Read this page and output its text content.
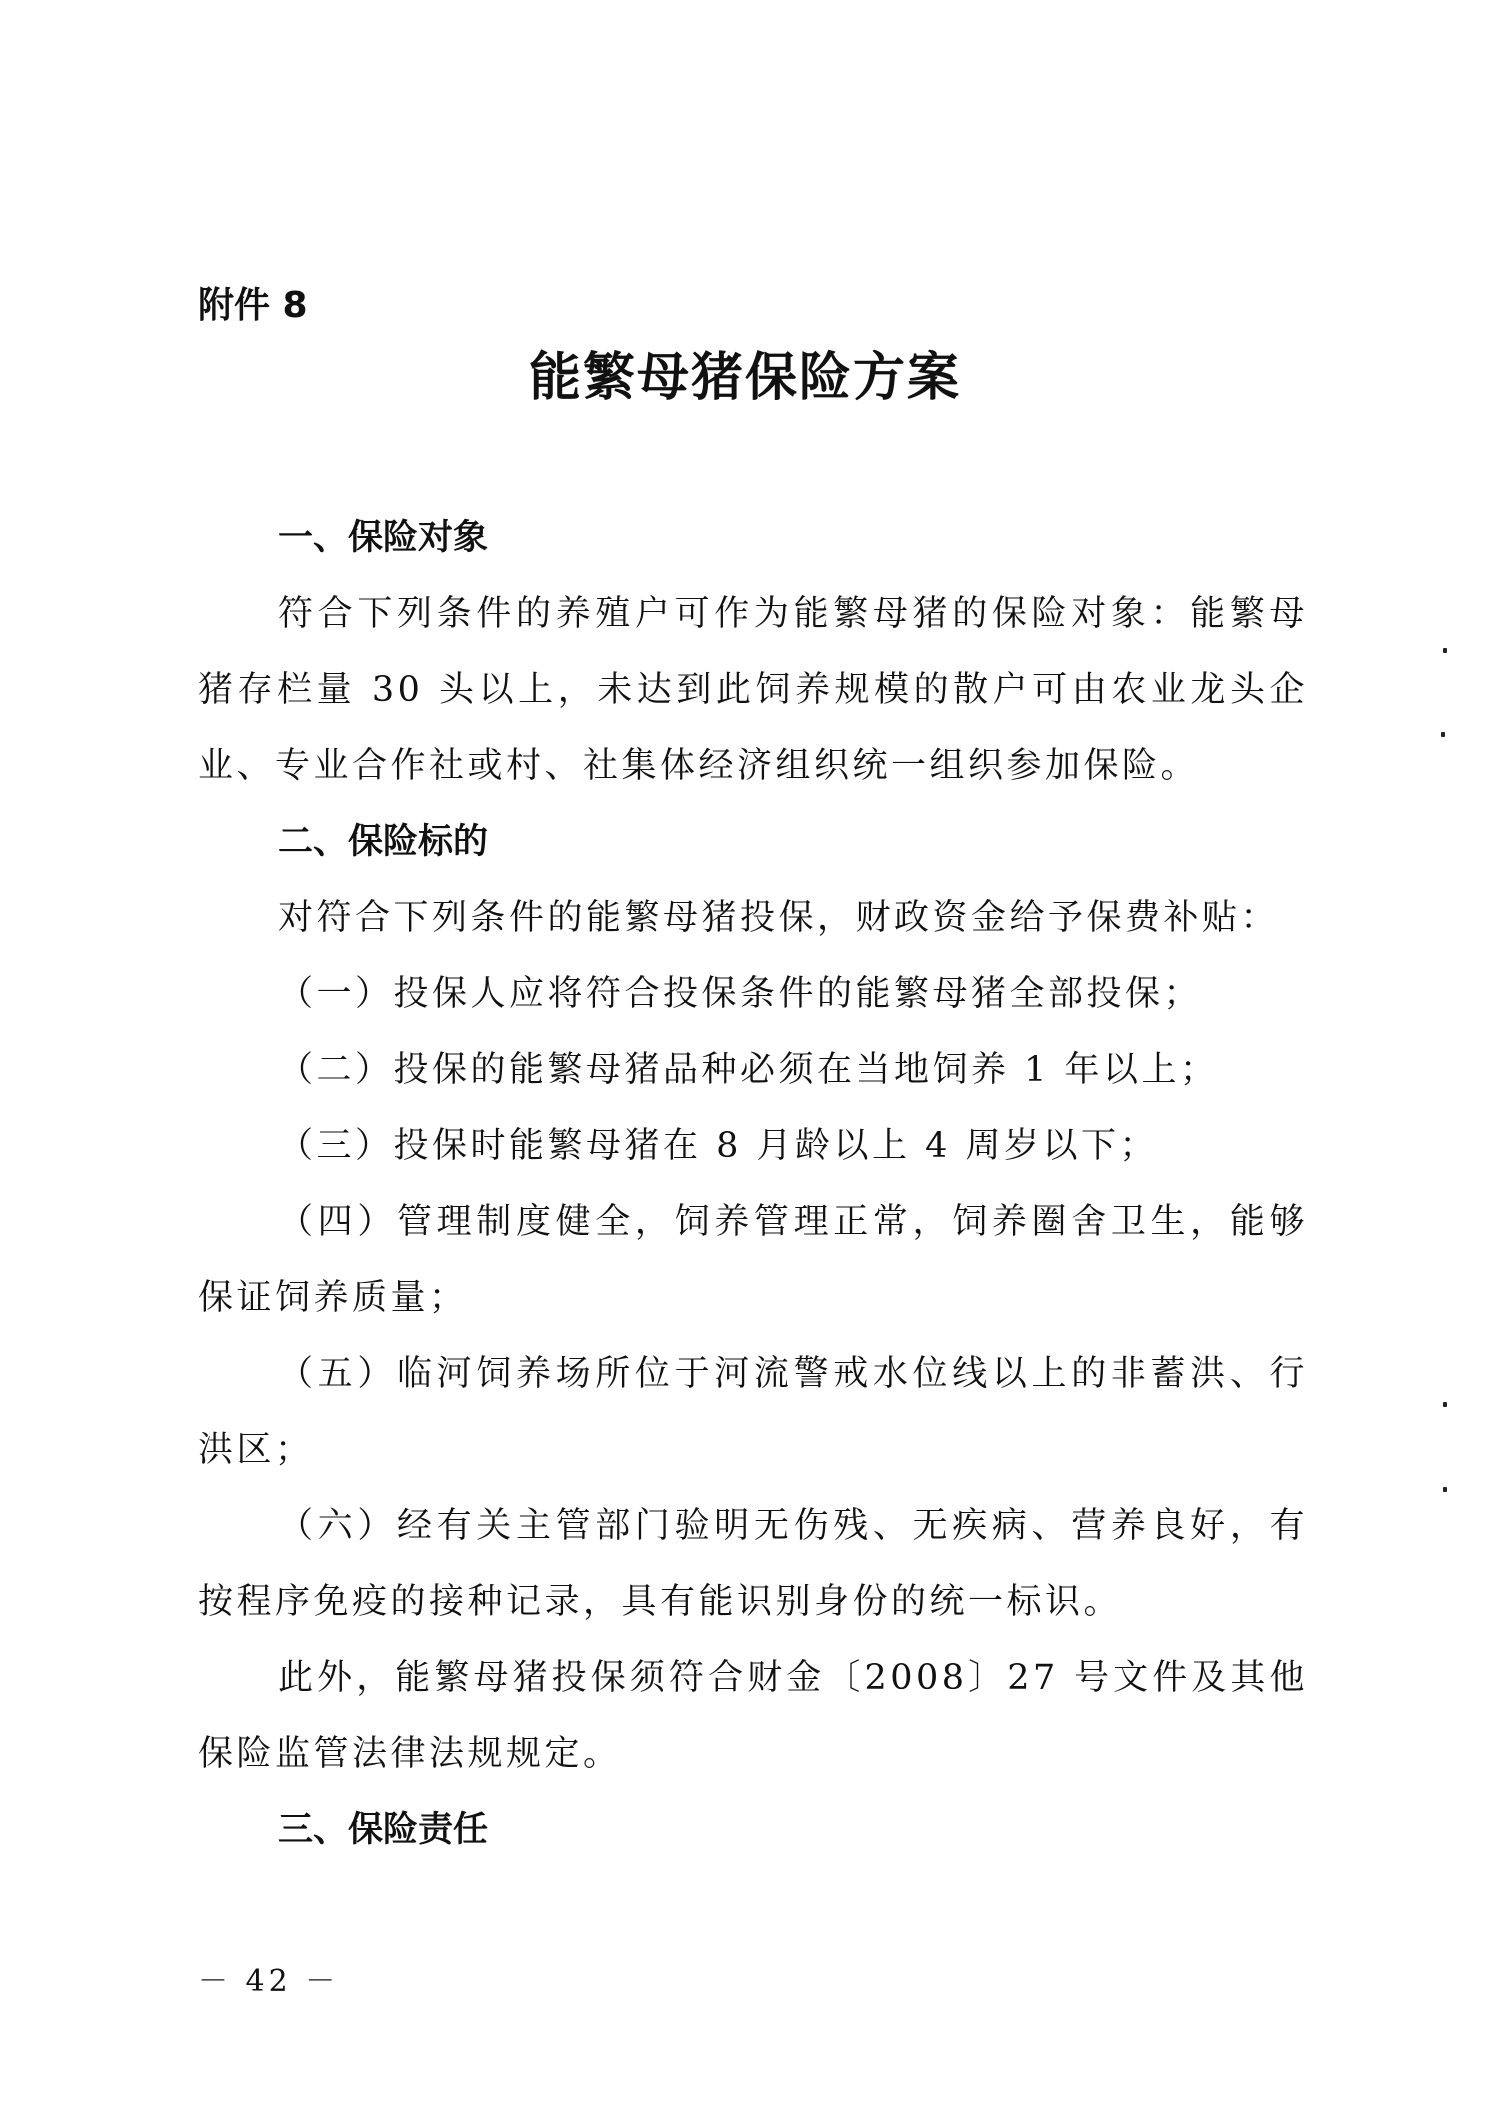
附件 8

能繁母猪保险方案
一、保险对象

符合下列条件的养殖户可作为能繁母猪的保险对象：能繁母猪存栏量 30 头以上，未达到此饲养规模的散户可由农业龙头企业、专业合作社或村、社集体经济组织统一组织参加保险。

二、保险标的

对符合下列条件的能繁母猪投保，财政资金给予保费补贴：

（一）投保人应将符合投保条件的能繁母猪全部投保；

（二）投保的能繁母猪品种必须在当地饲养 1 年以上；

（三）投保时能繁母猪在 8 月龄以上 4 周岁以下；

（四）管理制度健全，饲养管理正常，饲养圈舍卫生，能够保证饲养质量；

（五）临河饲养场所位于河流警戒水位线以上的非蓄洪、行洪区；

（六）经有关主管部门验明无伤残、无疾病、营养良好，有按程序免疫的接种记录，具有能识别身份的统一标识。

此外，能繁母猪投保须符合财金〔2008〕27 号文件及其他保险监管法律法规规定。

三、保险责任

－ 42 －
